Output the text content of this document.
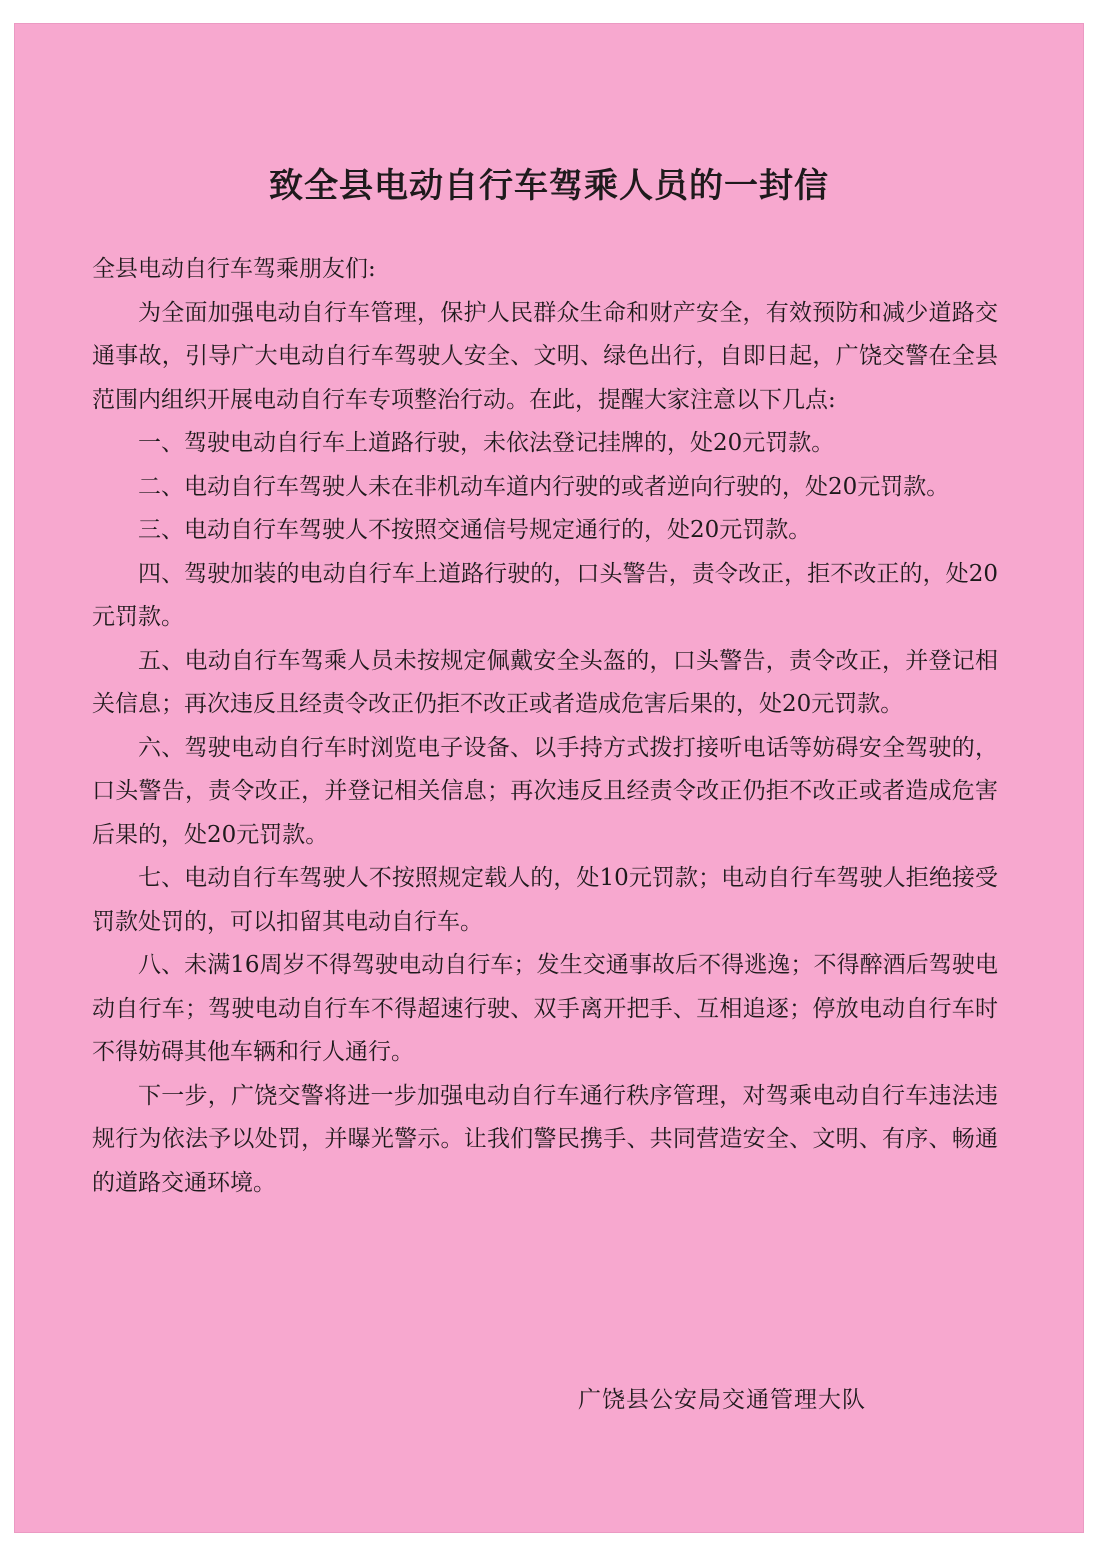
致全县电动自行车驾乘人员的一封信

全县电动自行车驾乘朋友们:

为全面加强电动自行车管理，保护人民群众生命和财产安全，有效预防和减少道路交通事故，引导广大电动自行车驾驶人安全、文明、绿色出行，自即日起，广饶交警在全县范围内组织开展电动自行车专项整治行动。在此，提醒大家注意以下几点:

一、驾驶电动自行车上道路行驶，未依法登记挂牌的，处20元罚款。

二、电动自行车驾驶人未在非机动车道内行驶的或者逆向行驶的，处20元罚款。

三、电动自行车驾驶人不按照交通信号规定通行的，处20元罚款。

四、驾驶加装的电动自行车上道路行驶的，口头警告，责令改正，拒不改正的，处20元罚款。

五、电动自行车驾乘人员未按规定佩戴安全头盔的，口头警告，责令改正，并登记相关信息；再次违反且经责令改正仍拒不改正或者造成危害后果的，处20元罚款。

六、驾驶电动自行车时浏览电子设备、以手持方式拨打接听电话等妨碍安全驾驶的，口头警告，责令改正，并登记相关信息；再次违反且经责令改正仍拒不改正或者造成危害后果的，处20元罚款。

七、电动自行车驾驶人不按照规定载人的，处10元罚款；电动自行车驾驶人拒绝接受罚款处罚的，可以扣留其电动自行车。

八、未满16周岁不得驾驶电动自行车；发生交通事故后不得逃逸；不得醉酒后驾驶电动自行车；驾驶电动自行车不得超速行驶、双手离开把手、互相追逐；停放电动自行车时不得妨碍其他车辆和行人通行。

下一步，广饶交警将进一步加强电动自行车通行秩序管理，对驾乘电动自行车违法违规行为依法予以处罚，并曝光警示。让我们警民携手、共同营造安全、文明、有序、畅通的道路交通环境。

广饶县公安局交通管理大队
